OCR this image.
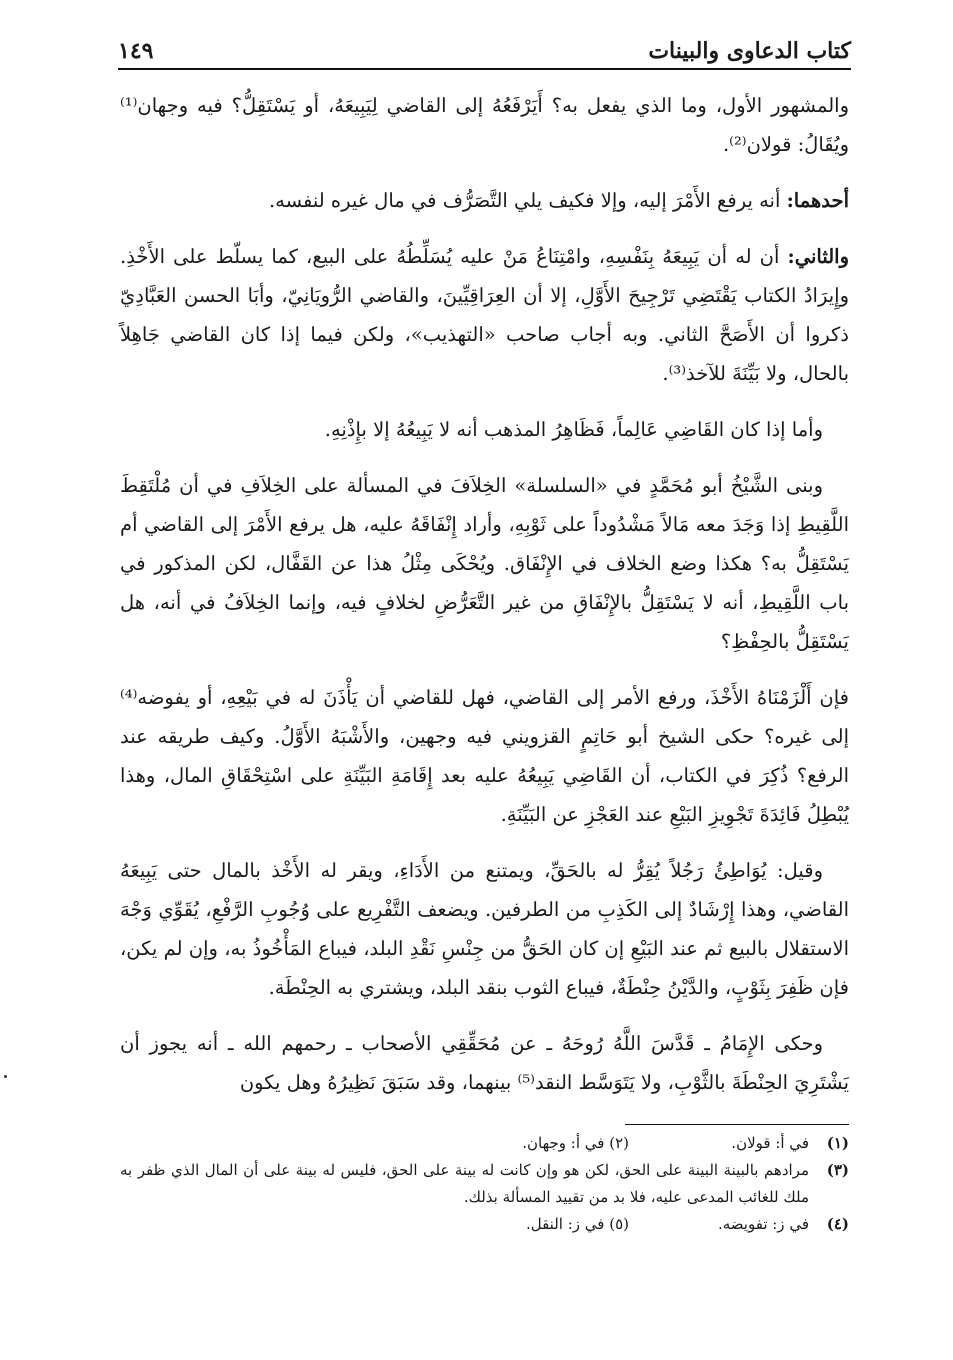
كتاب الدعاوى والبينات
١٤٩

والمشهور الأول، وما الذي يفعل به؟ أَيَرْفَعُهُ إلى القاضي لِيَبِيعَهُ، أو يَسْتَقِلُّ؟ فيه وجهان⁽¹⁾ ويُقَالُ: قولان⁽²⁾.

أحدهما: أنه يرفع الأَمْرَ إليه، وإلا فكيف يلي التَّصَرُّف في مال غيره لنفسه.

والثاني: أن له أن يَبِيعَهُ بِنَفْسِهِ، وامْتِنَاعُ مَنْ عليه يُسَلِّطُهُ على البيع، كما يسلّط على الأَخْذِ. وإِيرَادُ الكتاب يَقْتَضِي تَرْجِيحَ الأَوَّلِ، إلا أن العِرَاقِيِّينَ، والقاضي الرُّويَانِيّ، وأبَا الحسن العَبَّادِيّ ذكروا أن الأَصَحَّ الثاني. وبه أجاب صاحب «التهذيب»، ولكن فيما إذا كان القاضي جَاهِلاً بالحال، ولا بَيِّنَةَ للآخذ⁽³⁾.

وأما إذا كان القَاضِي عَالِماً، فَظَاهِرُ المذهب أنه لا يَبِيعُهُ إلا بإِذْنِهِ.

وبنى الشَّيْخُ أبو مُحَمَّدٍ في «السلسلة» الخِلاَفَ في المسألة على الخِلاَفِ في أن مُلْتَقِطَ اللَّقِيطِ إذا وَجَدَ معه مَالاً مَشْدُوداً على ثَوْبِهِ، وأراد إِنْفَاقَهُ عليه، هل يرفع الأَمْرَ إلى القاضي أم يَسْتَقِلُّ به؟ هكذا وضع الخلاف في الإِنْفَاق. ويُحْكَى مِثْلُ هذا عن القَفَّال، لكن المذكور في باب اللَّقِيطِ، أنه لا يَسْتَقِلُّ بالإِنْفَاقِ من غير التَّعَرُّضِ لخلافٍ فيه، وإنما الخِلاَفُ في أنه، هل يَسْتَقِلُّ بالحِفْظِ؟

فإن أَلْزَمْنَاهُ الأَخْذَ، ورفع الأمر إلى القاضي، فهل للقاضي أن يَأْذَنَ له في بَيْعِهِ، أو يفوضه⁽⁴⁾ إلى غيره؟ حكى الشيخ أبو حَاتِمٍ القزويني فيه وجهين، والأَشْبَهُ الأَوَّلُ. وكيف طريقه عند الرفع؟ ذُكِرَ في الكتاب، أن القَاضِي يَبِيعُهُ عليه بعد إِقَامَةِ البَيِّنَةِ على اسْتِحْقَاقِ المال، وهذا يُبْطِلُ فَائِدَةَ تَجْوِيزِ البَيْعِ عند العَجْزِ عن البَيِّنَةِ.

وقيل: يُوَاطِئُ رَجُلاً يُقِرُّ له بالحَقِّ، ويمتنع من الأَدَاءِ، ويقر له الأَخْذ بالمال حتى يَبِيعَهُ القاضي، وهذا إِرْشَادٌ إلى الكَذِبِ من الطرفين. ويضعف التَّفْرِيع على وُجُوبِ الرَّفْعِ، يُقَوِّي وَجْهَ الاستقلال بالبيع ثم عند البَيْعِ إن كان الحَقُّ من جِنْسِ نَقْدِ البلد، فيباع المَأْخُوذُ به، وإن لم يكن، فإن ظَفِرَ بِثَوْبٍ، والدَّيْنُ حِنْطَةٌ، فيباع الثوب بنقد البلد، ويشتري به الحِنْطَة.

وحكى الإِمَامُ ـ قَدَّسَ اللَّهُ رُوحَهُ ـ عن مُحَقِّقِي الأصحاب ـ رحمهم الله ـ أنه يجوز أن يَشْتَرِيَ الحِنْطَةَ بالثَّوْبِ، ولا يَتَوَسَّط النقد⁽⁵⁾ بينهما، وقد سَبَقَ نَظِيرُهُ وهل يكون

(١)
في أ: قولان.
(٢) في أ: وجهان.
(٣)
مرادهم بالبينة البينة على الحق، لكن هو وإن كانت له بينة على الحق، فليس له بينة على أن المال الذي ظفر به ملك للغائب المدعى عليه، فلا بد من تقييد المسألة بذلك.
(٤)
في ز: تفويضه.
(٥) في ز: النقل.
